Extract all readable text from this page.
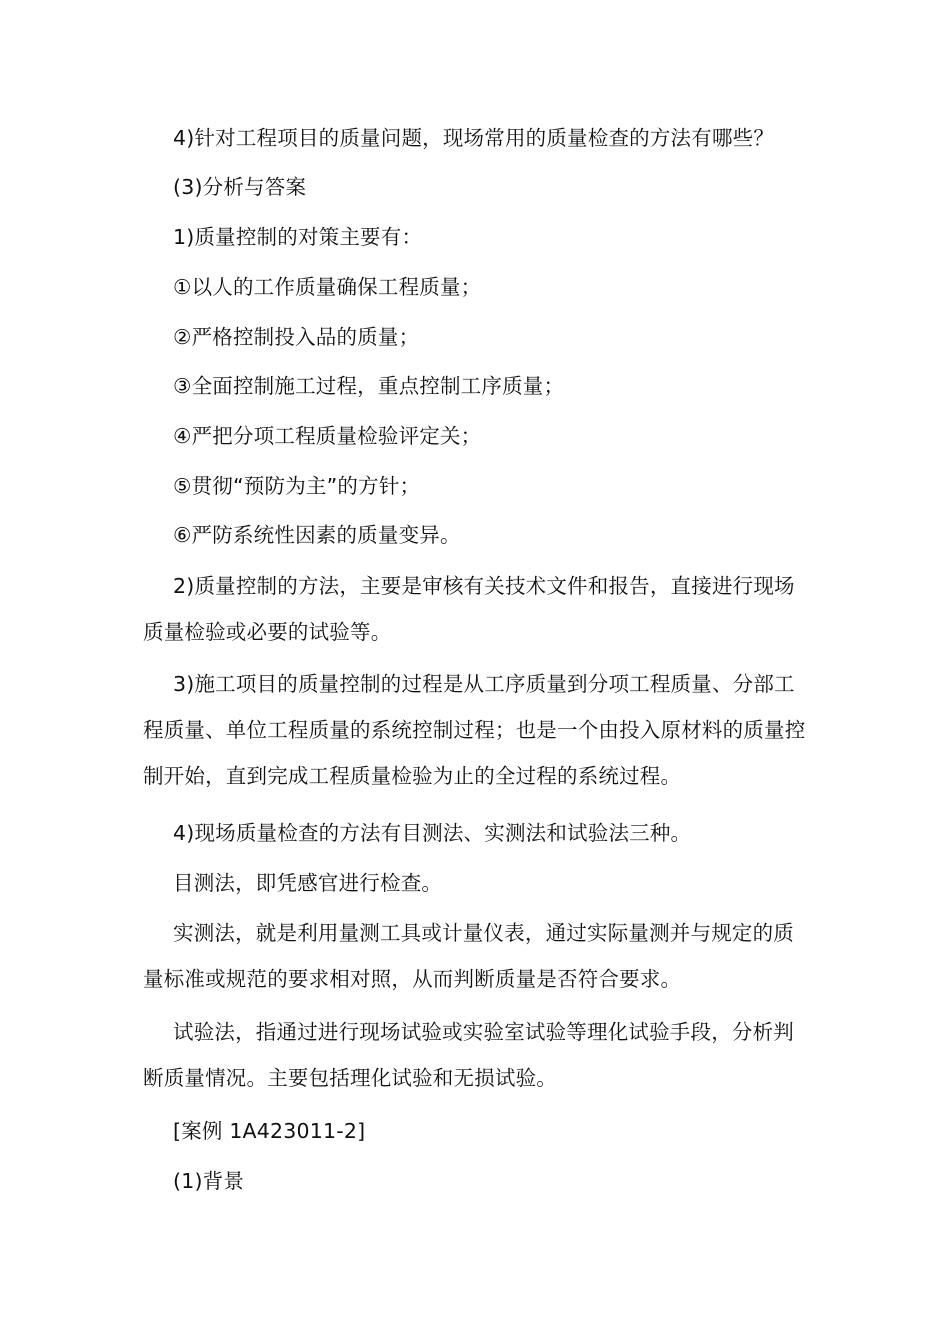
4)针对工程项目的质量问题，现场常用的质量检查的方法有哪些？
(3)分析与答案
1)质量控制的对策主要有：
①以人的工作质量确保工程质量；
②严格控制投入品的质量；
③全面控制施工过程，重点控制工序质量；
④严把分项工程质量检验评定关；
⑤贯彻“预防为主”的方针；
⑥严防系统性因素的质量变异。
2)质量控制的方法，主要是审核有关技术文件和报告，直接进行现场质量检验或必要的试验等。
3)施工项目的质量控制的过程是从工序质量到分项工程质量、分部工程质量、单位工程质量的系统控制过程；也是一个由投入原材料的质量控制开始，直到完成工程质量检验为止的全过程的系统过程。
4)现场质量检查的方法有目测法、实测法和试验法三种。
目测法，即凭感官进行检查。
实测法，就是利用量测工具或计量仪表，通过实际量测并与规定的质量标准或规范的要求相对照，从而判断质量是否符合要求。
试验法，指通过进行现场试验或实验室试验等理化试验手段，分析判断质量情况。主要包括理化试验和无损试验。
[案例 1A423011-2]
(1)背景
